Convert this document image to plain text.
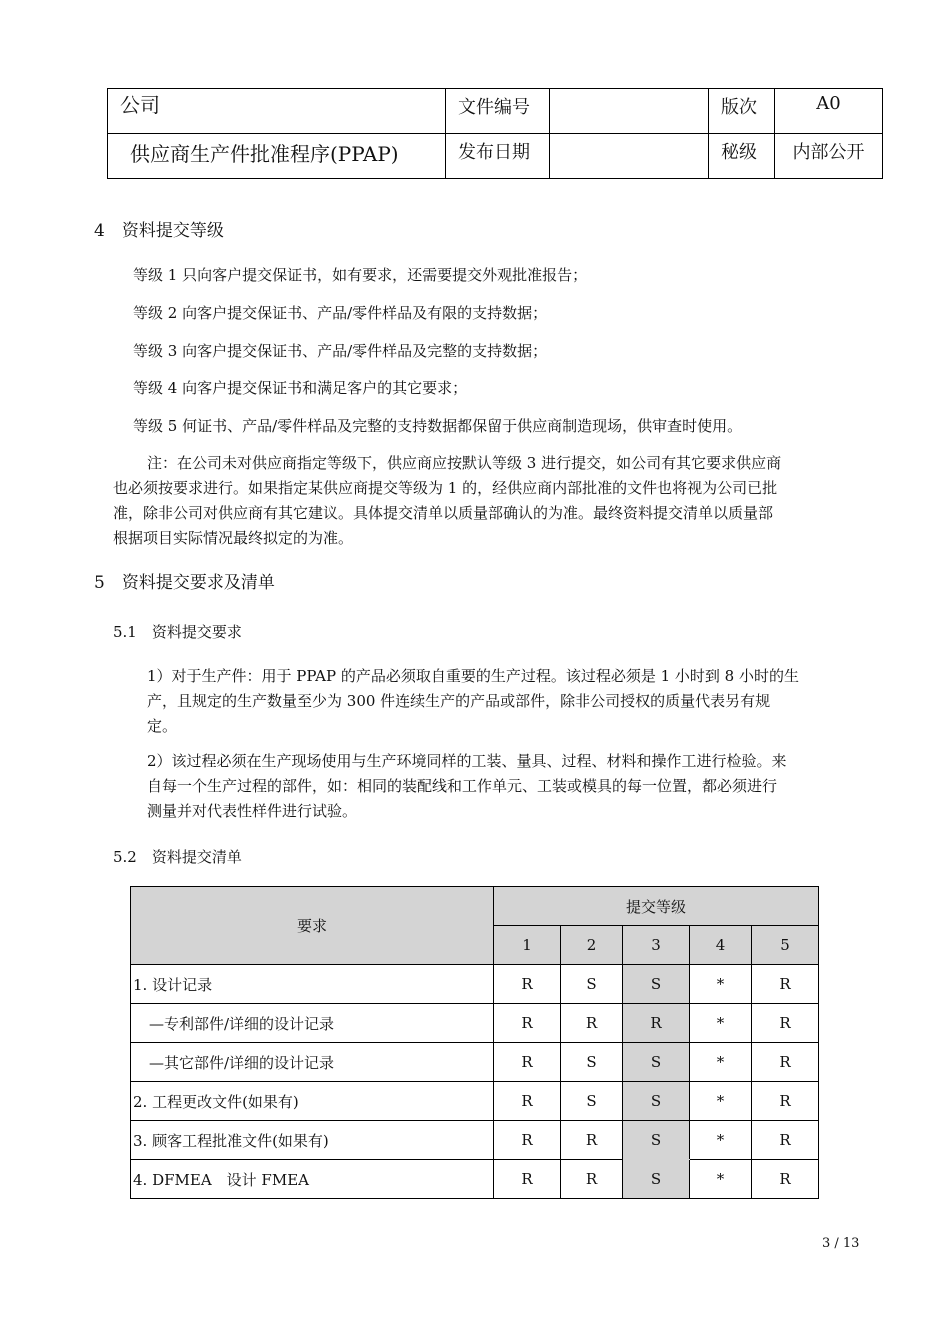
公司	文件编号		版次	A0

供应商生产件批准程序(PPAP)	发布日期		秘级	内部公开
4　资料提交等级
等级 1 只向客户提交保证书，如有要求，还需要提交外观批准报告；
等级 2 向客户提交保证书、产品/零件样品及有限的支持数据；
等级 3 向客户提交保证书、产品/零件样品及完整的支持数据；
等级 4 向客户提交保证书和满足客户的其它要求；
等级 5 何证书、产品/零件样品及完整的支持数据都保留于供应商制造现场，供审查时使用。
注：在公司未对供应商指定等级下，供应商应按默认等级 3 进行提交，如公司有其它要求供应商
也必须按要求进行。如果指定某供应商提交等级为 1 的，经供应商内部批准的文件也将视为公司已批
准，除非公司对供应商有其它建议。具体提交清单以质量部确认的为准。最终资料提交清单以质量部
根据项目实际情况最终拟定的为准。
5　资料提交要求及清单
5.1　资料提交要求
1）对于生产件：用于 PPAP 的产品必须取自重要的生产过程。该过程必须是 1 小时到 8 小时的生
产，且规定的生产数量至少为 300 件连续生产的产品或部件，除非公司授权的质量代表另有规
定。
2）该过程必须在生产现场使用与生产环境同样的工装、量具、过程、材料和操作工进行检验。来
自每一个生产过程的部件，如：相同的装配线和工作单元、工装或模具的每一位置，都必须进行
测量并对代表性样件进行试验。
5.2　资料提交清单
要求	提交等级				
	1	2	3	4	5
1. 设计记录	R	S	S	*	R
—专利部件/详细的设计记录	R	R	R	*	R
—其它部件/详细的设计记录	R	S	S	*	R
2. 工程更改文件(如果有)	R	S	S	*	R
3. 顾客工程批准文件(如果有)	R	R	S	*	R
4. DFMEA　设计 FMEA	R	R	S	*	R
3 / 13
